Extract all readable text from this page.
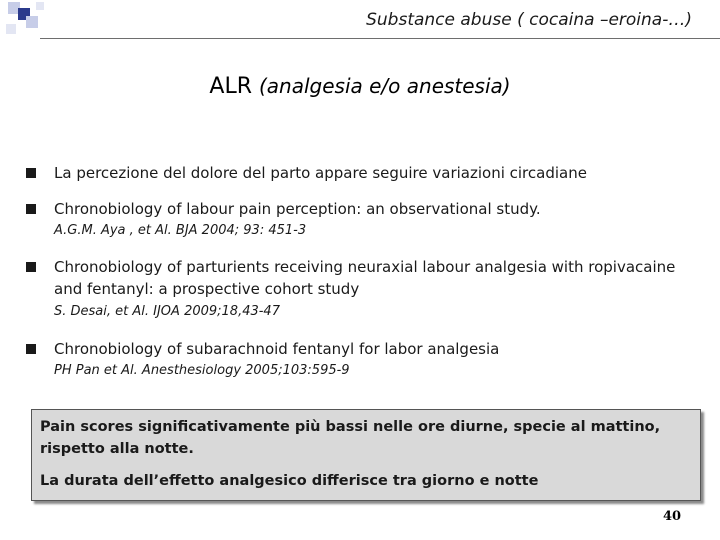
Substance abuse ( cocaina –eroina-…)
ALR (analgesia e/o anestesia)
La percezione del dolore del parto appare seguire variazioni circadiane
Chronobiology of labour pain perception: an observational study.
A.G.M. Aya , et Al. BJA 2004; 93: 451-3
Chronobiology of parturients receiving neuraxial labour analgesia with ropivacaine and fentanyl: a prospective cohort study
S. Desai, et Al. IJOA 2009;18,43-47
Chronobiology of subarachnoid fentanyl for labor analgesia
PH Pan et Al. Anesthesiology 2005;103:595-9

Pain scores significativamente più bassi nelle ore diurne, specie al mattino, rispetto alla notte.

La durata dell’effetto analgesico differisce tra giorno e notte

40
